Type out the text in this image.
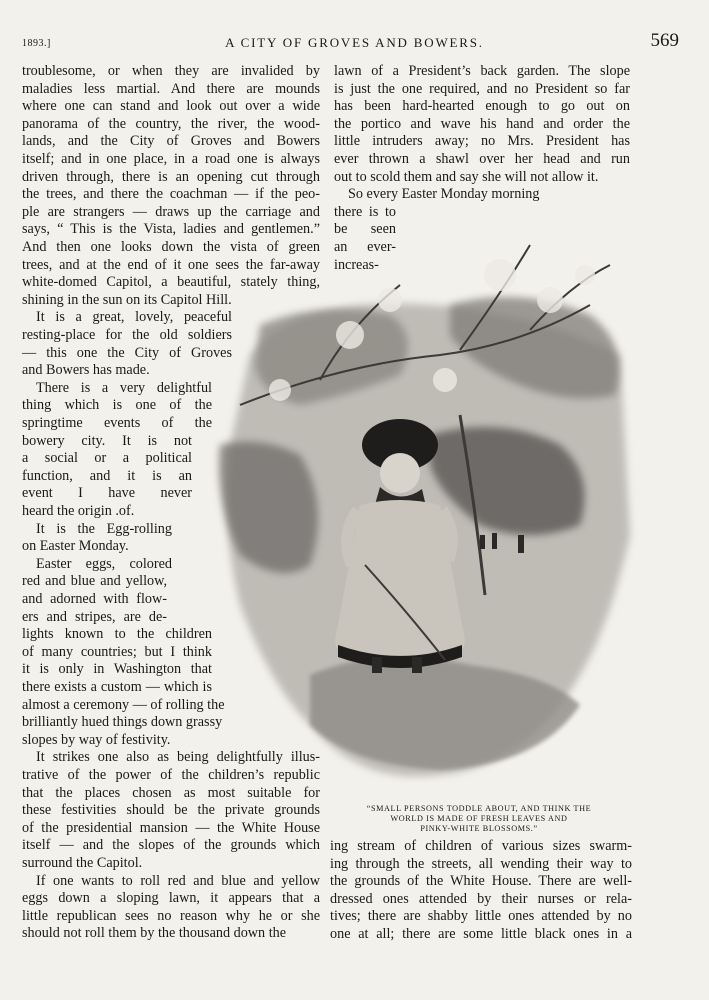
1893.]	A CITY OF GROVES AND BOWERS.	569
troublesome, or when they are invalided by
maladies less martial. And there are mounds
where one can stand and look out over a wide
panorama of the country, the river, the wood-
lands, and the City of Groves and Bowers
itself; and in one place, in a road one is always
driven through, there is an opening cut through
the trees, and there the coachman — if the peo-
ple are strangers — draws up the carriage and
says, “ This is the Vista, ladies and gentlemen.”
And then one looks down the vista of green
trees, and at the end of it one sees the far-away
white-domed Capitol, a beautiful, stately thing,
shining in the sun on its Capitol Hill.
It is a great, lovely, peaceful
resting-place for the old soldiers
— this one the City of Groves
and Bowers has made.
There is a very delightful
thing which is one of the
springtime events of the
bowery city. It is not
a social or a political
function, and it is an
event I have never
heard the origin .of.
It is the Egg-rolling
on Easter Monday.
Easter eggs, colored
red and blue and yellow,
and adorned with flow-
ers and stripes, are de-
lights known to the children
of many countries; but I think
it is only in Washington that
there exists a custom — which is
almost a ceremony — of rolling the
brilliantly hued things down grassy
slopes by way of festivity.
It strikes one also as being delightfully illus-
trative of the power of the children’s republic
that the places chosen as most suitable for
these festivities should be the private grounds
of the presidential mansion — the White House
itself — and the slopes of the grounds which
surround the Capitol.
If one wants to roll red and blue and yellow
eggs down a sloping lawn, it appears that a
little republican sees no reason why he or she
should not roll them by the thousand down the
lawn of a President’s back garden. The slope
is just the one required, and no President so far
has been hard-hearted enough to go out on
the portico and wave his hand and order the
little intruders away; no Mrs. President has
ever thrown a shawl over her head and run
out to scold them and say she will not allow it.
So every Easter Monday morning
there is to
be seen
an ever-
increas-
ing stream of children of various sizes swarm-
ing through the streets, all wending their way to
the grounds of the White House. There are well-
dressed ones attended by their nurses or rela-
tives; there are shabby little ones attended by no
one at all; there are some little black ones in a
“SMALL PERSONS TODDLE ABOUT, AND THINK THE
WORLD IS MADE OF FRESH LEAVES AND
PINKY-WHITE BLOSSOMS.”
